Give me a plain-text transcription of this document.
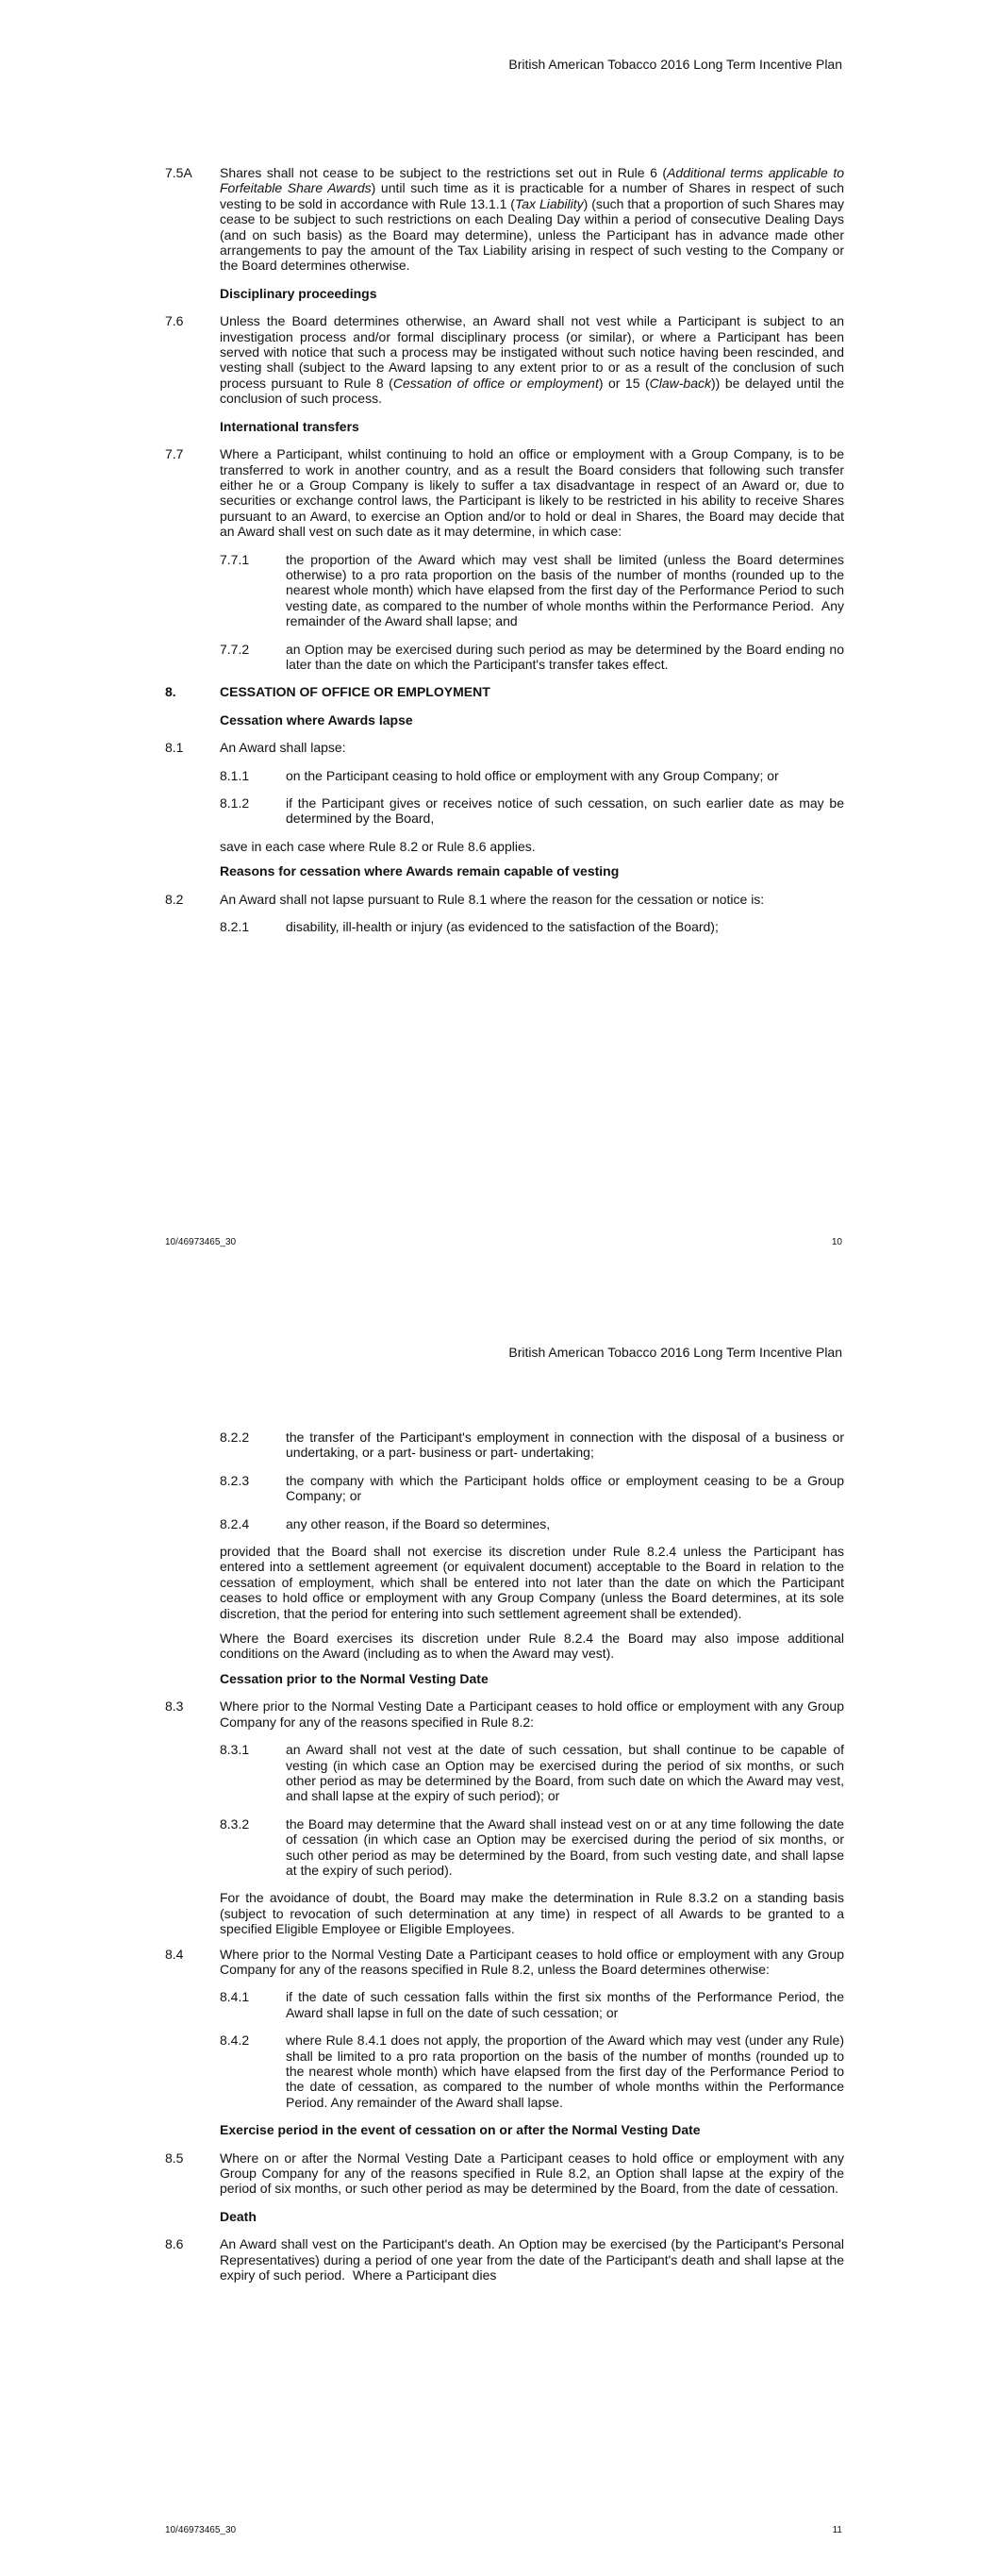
British American Tobacco 2016 Long Term Incentive Plan
7.5A	Shares shall not cease to be subject to the restrictions set out in Rule 6 (Additional terms applicable to Forfeitable Share Awards) until such time as it is practicable for a number of Shares in respect of such vesting to be sold in accordance with Rule 13.1.1 (Tax Liability) (such that a proportion of such Shares may cease to be subject to such restrictions on each Dealing Day within a period of consecutive Dealing Days (and on such basis) as the Board may determine), unless the Participant has in advance made other arrangements to pay the amount of the Tax Liability arising in respect of such vesting to the Company or the Board determines otherwise.
Disciplinary proceedings
7.6	Unless the Board determines otherwise, an Award shall not vest while a Participant is subject to an investigation process and/or formal disciplinary process (or similar), or where a Participant has been served with notice that such a process may be instigated without such notice having been rescinded, and vesting shall (subject to the Award lapsing to any extent prior to or as a result of the conclusion of such process pursuant to Rule 8 (Cessation of office or employment) or 15 (Claw-back)) be delayed until the conclusion of such process.
International transfers
7.7	Where a Participant, whilst continuing to hold an office or employment with a Group Company, is to be transferred to work in another country, and as a result the Board considers that following such transfer either he or a Group Company is likely to suffer a tax disadvantage in respect of an Award or, due to securities or exchange control laws, the Participant is likely to be restricted in his ability to receive Shares pursuant to an Award, to exercise an Option and/or to hold or deal in Shares, the Board may decide that an Award shall vest on such date as it may determine, in which case:
7.7.1	the proportion of the Award which may vest shall be limited (unless the Board determines otherwise) to a pro rata proportion on the basis of the number of months (rounded up to the nearest whole month) which have elapsed from the first day of the Performance Period to such vesting date, as compared to the number of whole months within the Performance Period.  Any remainder of the Award shall lapse; and
7.7.2	an Option may be exercised during such period as may be determined by the Board ending no later than the date on which the Participant's transfer takes effect.
8.	CESSATION OF OFFICE OR EMPLOYMENT
Cessation where Awards lapse
8.1	An Award shall lapse:
8.1.1	on the Participant ceasing to hold office or employment with any Group Company; or
8.1.2	if the Participant gives or receives notice of such cessation, on such earlier date as may be determined by the Board,
save in each case where Rule 8.2 or Rule 8.6 applies.
Reasons for cessation where Awards remain capable of vesting
8.2	An Award shall not lapse pursuant to Rule 8.1 where the reason for the cessation or notice is:
8.2.1	disability, ill-health or injury (as evidenced to the satisfaction of the Board);
10/46973465_30	10
British American Tobacco 2016 Long Term Incentive Plan
8.2.2	the transfer of the Participant's employment in connection with the disposal of a business or undertaking, or a part- business or part- undertaking;
8.2.3	the company with which the Participant holds office or employment ceasing to be a Group Company; or
8.2.4	any other reason, if the Board so determines,
provided that the Board shall not exercise its discretion under Rule 8.2.4 unless the Participant has entered into a settlement agreement (or equivalent document) acceptable to the Board in relation to the cessation of employment, which shall be entered into not later than the date on which the Participant ceases to hold office or employment with any Group Company (unless the Board determines, at its sole discretion, that the period for entering into such settlement agreement shall be extended).
Where the Board exercises its discretion under Rule 8.2.4 the Board may also impose additional conditions on the Award (including as to when the Award may vest).
Cessation prior to the Normal Vesting Date
8.3	Where prior to the Normal Vesting Date a Participant ceases to hold office or employment with any Group Company for any of the reasons specified in Rule 8.2:
8.3.1	an Award shall not vest at the date of such cessation, but shall continue to be capable of vesting (in which case an Option may be exercised during the period of six months, or such other period as may be determined by the Board, from such date on which the Award may vest, and shall lapse at the expiry of such period); or
8.3.2	the Board may determine that the Award shall instead vest on or at any time following the date of cessation (in which case an Option may be exercised during the period of six months, or such other period as may be determined by the Board, from such vesting date, and shall lapse at the expiry of such period).
For the avoidance of doubt, the Board may make the determination in Rule 8.3.2 on a standing basis (subject to revocation of such determination at any time) in respect of all Awards to be granted to a specified Eligible Employee or Eligible Employees.
8.4	Where prior to the Normal Vesting Date a Participant ceases to hold office or employment with any Group Company for any of the reasons specified in Rule 8.2, unless the Board determines otherwise:
8.4.1	if the date of such cessation falls within the first six months of the Performance Period, the Award shall lapse in full on the date of such cessation; or
8.4.2	where Rule 8.4.1 does not apply, the proportion of the Award which may vest (under any Rule) shall be limited to a pro rata proportion on the basis of the number of months (rounded up to the nearest whole month) which have elapsed from the first day of the Performance Period to the date of cessation, as compared to the number of whole months within the Performance Period. Any remainder of the Award shall lapse.
Exercise period in the event of cessation on or after the Normal Vesting Date
8.5	Where on or after the Normal Vesting Date a Participant ceases to hold office or employment with any Group Company for any of the reasons specified in Rule 8.2, an Option shall lapse at the expiry of the period of six months, or such other period as may be determined by the Board, from the date of cessation.
Death
8.6	An Award shall vest on the Participant's death. An Option may be exercised (by the Participant's Personal Representatives) during a period of one year from the date of the Participant's death and shall lapse at the expiry of such period.  Where a Participant dies
10/46973465_30	11
